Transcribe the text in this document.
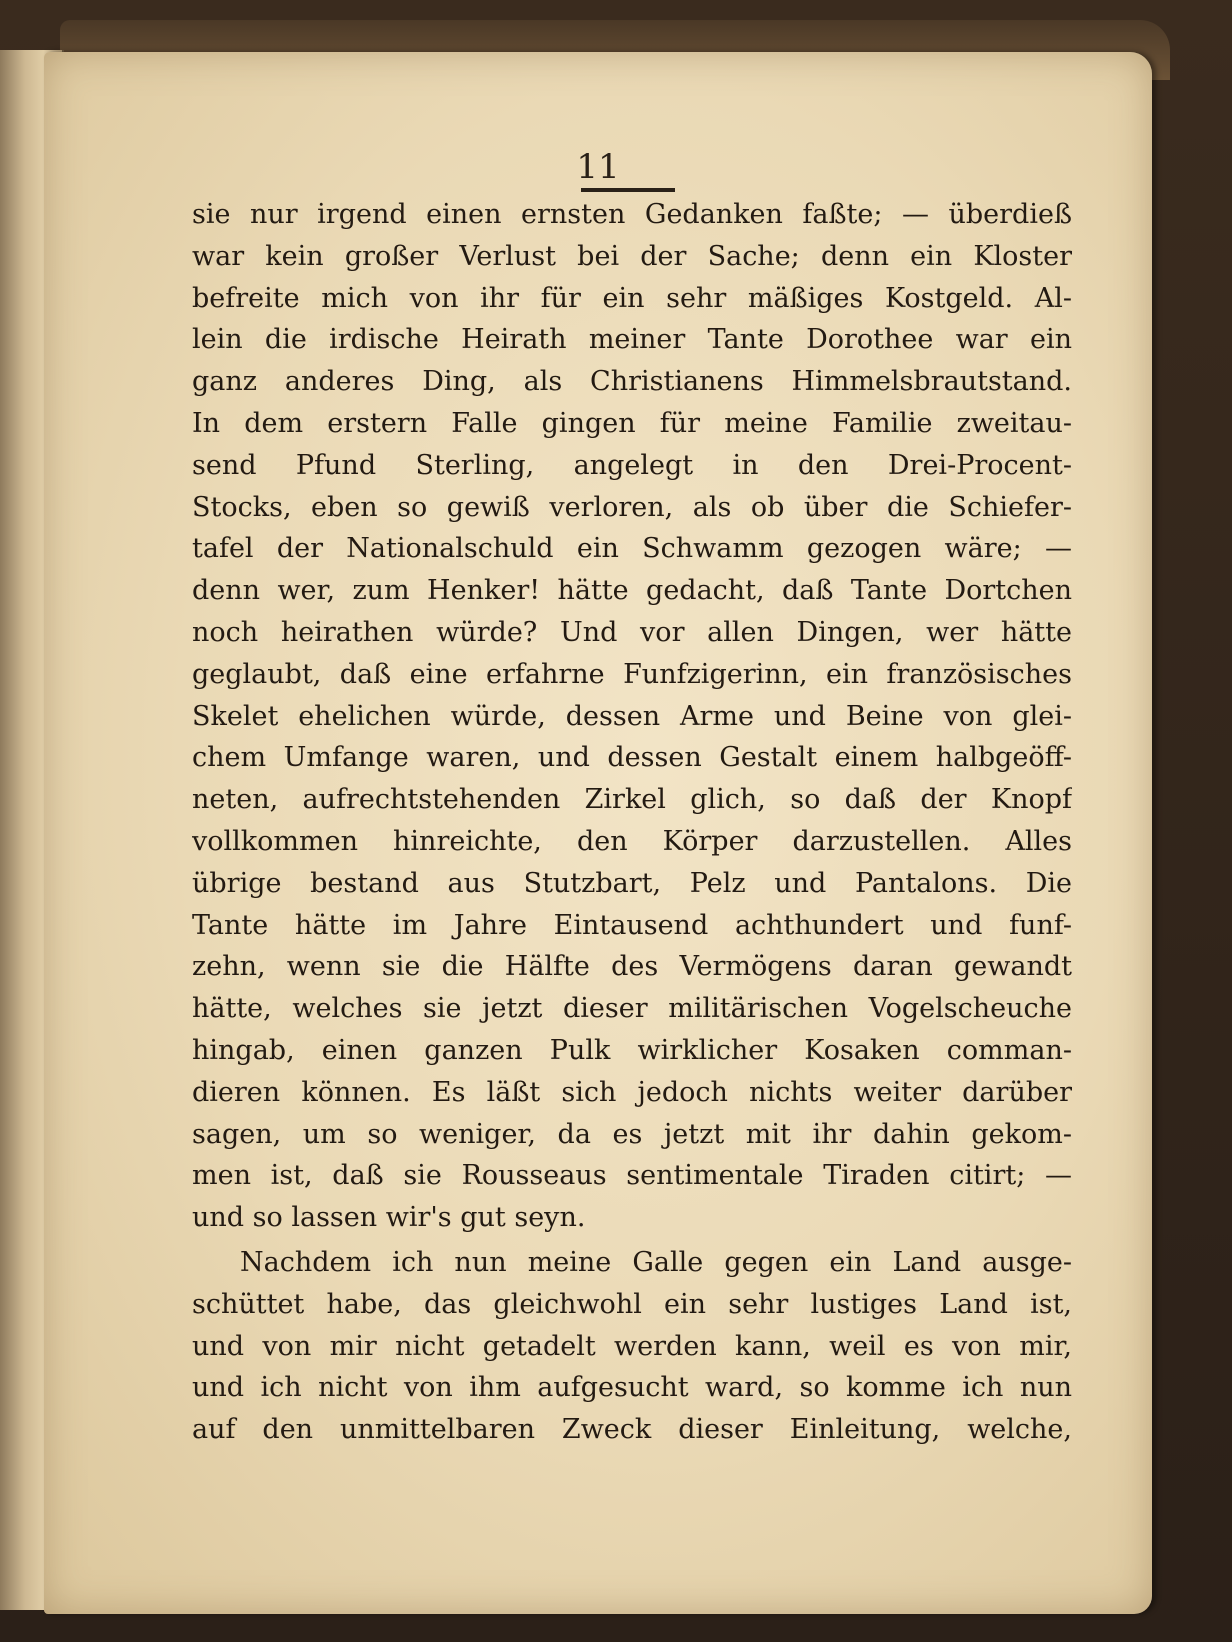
11
sie nur irgend einen ernsten Gedanken faßte; — überdieß
war kein großer Verlust bei der Sache; denn ein Kloster
befreite mich von ihr für ein sehr mäßiges Kostgeld. Al-
lein die irdische Heirath meiner Tante Dorothee war ein
ganz anderes Ding, als Christianens Himmelsbrautstand.
In dem erstern Falle gingen für meine Familie zweitau-
send Pfund Sterling, angelegt in den Drei-Procent-
Stocks, eben so gewiß verloren, als ob über die Schiefer-
tafel der Nationalschuld ein Schwamm gezogen wäre; —
denn wer, zum Henker! hätte gedacht, daß Tante Dortchen
noch heirathen würde? Und vor allen Dingen, wer hätte
geglaubt, daß eine erfahrne Funfzigerinn, ein französisches
Skelet ehelichen würde, dessen Arme und Beine von glei-
chem Umfange waren, und dessen Gestalt einem halbgeöff-
neten, aufrechtstehenden Zirkel glich, so daß der Knopf
vollkommen hinreichte, den Körper darzustellen. Alles
übrige bestand aus Stutzbart, Pelz und Pantalons. Die
Tante hätte im Jahre Eintausend achthundert und funf-
zehn, wenn sie die Hälfte des Vermögens daran gewandt
hätte, welches sie jetzt dieser militärischen Vogelscheuche
hingab, einen ganzen Pulk wirklicher Kosaken comman-
dieren können. Es läßt sich jedoch nichts weiter darüber
sagen, um so weniger, da es jetzt mit ihr dahin gekom-
men ist, daß sie Rousseaus sentimentale Tiraden citirt; —
und so lassen wir's gut seyn.
Nachdem ich nun meine Galle gegen ein Land ausge-
schüttet habe, das gleichwohl ein sehr lustiges Land ist,
und von mir nicht getadelt werden kann, weil es von mir,
und ich nicht von ihm aufgesucht ward, so komme ich nun
auf den unmittelbaren Zweck dieser Einleitung, welche,
